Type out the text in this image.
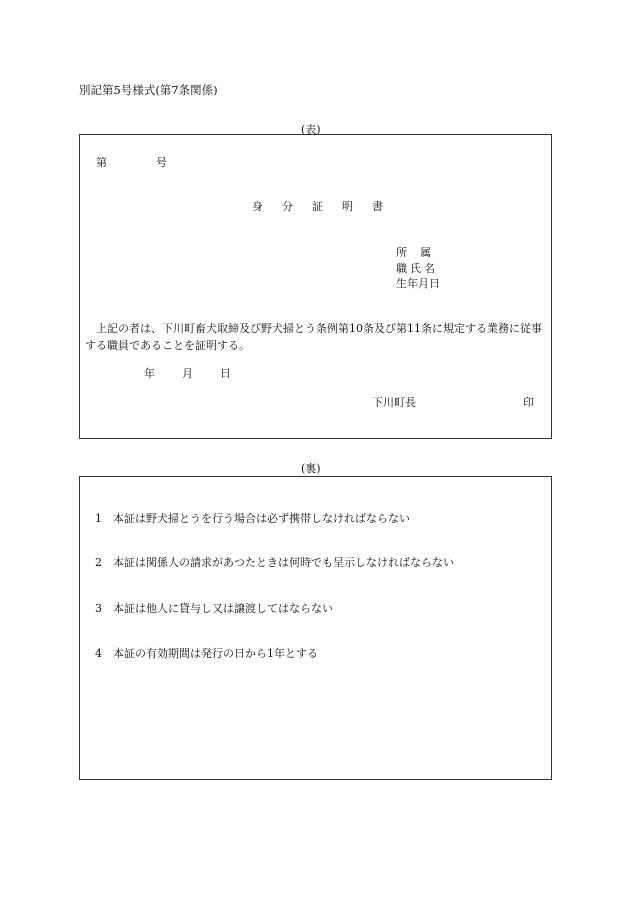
別記第5号様式(第7条関係)
(表)
第	号
身	分	証	明	書
所属
職氏名
生年月日
上記の者は、下川町畜犬取締及び野犬掃とう条例第10条及び第11条に規定する業務に従事する職員であることを証明する。
年 月 日
下川町長	印
(裏)
1 本証は野犬掃とうを行う場合は必ず携帯しなければならない
2 本証は関係人の請求があつたときは何時でも呈示しなければならない
3 本証は他人に貸与し又は譲渡してはならない
4 本証の有効期間は発行の日から1年とする
